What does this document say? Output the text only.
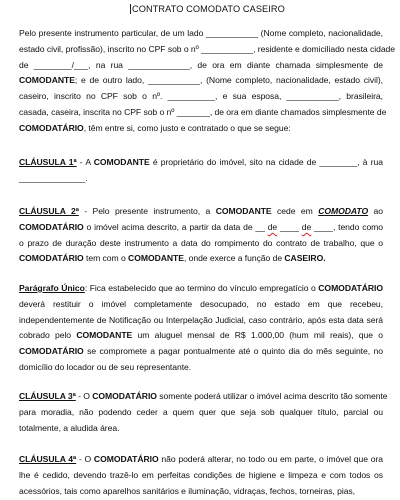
CONTRATO COMODATO CASEIRO

Pelo presente instrumento particular, de um lado ___________ (Nome completo, nacionalidade,
estado civil, profissão), inscrito no CPF sob o nº ___________, residente e domiciliado nesta cidade
de ________/___, na rua _____________, de ora em diante chamada simplesmente de
COMODANTE; e de outro lado, ___________, (Nome completo, nacionalidade, estado civil),
caseiro, inscrito no CPF sob o nº. __________, e sua esposa, ___________, brasileira,
casada, caseira, inscrita no CPF sob o nº _______, de ora em diante chamados simplesmente de
COMODATÁRIO, têm entre si, como justo e contratado o que se segue:

CLÁUSULA 1ª - A COMODANTE é proprietário do imóvel, sito na cidade de ________, à rua
______________.

CLÁUSULA 2ª - Pelo presente instrumento, a COMODANTE cede em COMODATO ao
COMODATÁRIO o imóvel acima descrito, a partir da data de __ de ____ de ____, tendo como
o prazo de duração deste instrumento a data do rompimento do contrato de trabalho, que o
COMODATÁRIO tem com o COMODANTE, onde exerce a função de CASEIRO.

Parágrafo Único: Fica estabelecido que ao termino do vínculo empregatício o COMODATÁRIO
deverá restituir o imóvel completamente desocupado, no estado em que recebeu,
independentemente de Notificação ou Interpelação Judicial, caso contrário, após esta data será
cobrado pelo COMODANTE um aluguel mensal de R$ 1.000,00 (hum mil reais), que o
COMODATÁRIO se compromete a pagar pontualmente até o quinto dia do mês seguinte, no
domicílio do locador ou de seu representante.

CLÁUSULA 3ª - O COMODATÁRIO somente poderá utilizar o imóvel acima descrito tão somente
para moradia, não podendo ceder a quem quer que seja sob qualquer título, parcial ou
totalmente, a aludida área.

CLÁUSULA 4ª - O COMODATÁRIO não poderá alterar, no todo ou em parte, o imóvel que ora
lhe é cedido, devendo trazê-lo em perfeitas condições de higiene e limpeza e com todos os
acessórios, tais como aparelhos sanitários e iluminação, vidraças, fechos, torneiras, pias,
